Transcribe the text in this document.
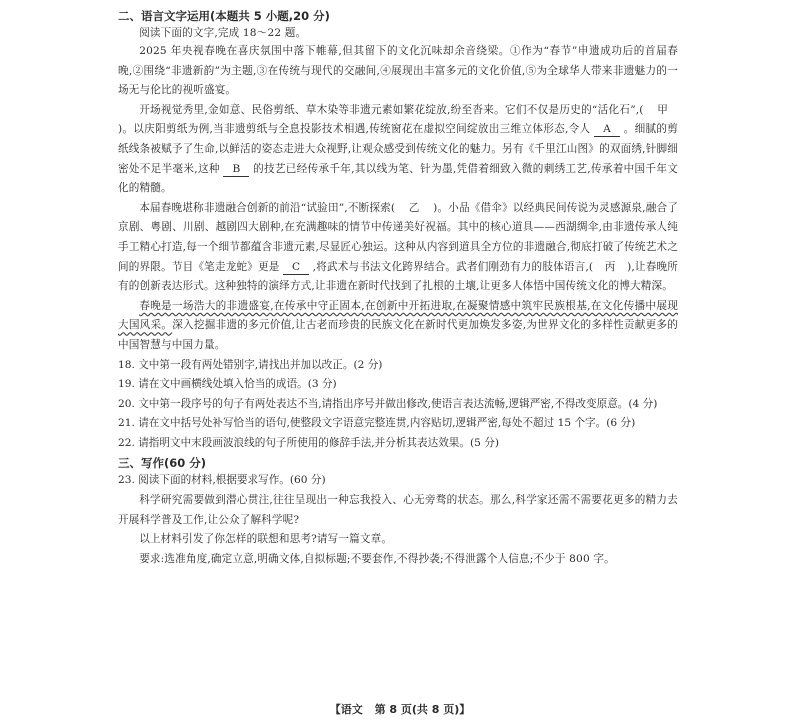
二、语言文字运用(本题共 5 小题,20 分)

阅读下面的文字,完成 18～22 题。

2025 年央视春晚在喜庆氛围中落下帷幕,但其留下的文化沉味却余音绕梁。①作为“春节”申遗成功后的首届春晚,②围绕“非遗新韵”为主题,③在传统与现代的交融间,④展现出丰富多元的文化价值,⑤为全球华人带来非遗魅力的一场无与伦比的视听盛宴。

开场视觉秀里,金如意、民俗剪纸、草木染等非遗元素如繁花绽放,纷至沓来。它们不仅是历史的“活化石”,( 甲 )。以庆阳剪纸为例,当非遗剪纸与全息投影技术相遇,传统窗花在虚拟空间绽放出三维立体形态,令人 A 。细腻的剪纸线条被赋予了生命,以鲜活的姿态走进大众视野,让观众感受到传统文化的魅力。另有《千里江山图》的双面绣,针脚细密处不足半毫米,这种 B 的技艺已经传承千年,其以线为笔、针为墨,凭借着细致入微的刺绣工艺,传承着中国千年文化的精髓。

本届春晚堪称非遗融合创新的前沿“试验田”,不断探索( 乙 )。小品《借伞》以经典民间传说为灵感源泉,融合了京剧、粤剧、川剧、越剧四大剧种,在充满趣味的情节中传递美好祝福。其中的核心道具——西湖绸伞,由非遗传承人纯手工精心打造,每一个细节都蕴含非遗元素,尽显匠心独运。这种从内容到道具全方位的非遗融合,彻底打破了传统艺术之间的界限。节目《笔走龙蛇》更是 C ,将武术与书法文化跨界结合。武者们刚劲有力的肢体语言,( 丙 ),让春晚所有的创新表达形式。这种独特的演绎方式,让非遗在新时代找到了扎根的土壤,让更多人体悟中国传统文化的博大精深。

春晚是一场浩大的非遗盛宴,在传承中守正固本,在创新中开拓进取,在凝聚情感中筑牢民族根基,在文化传播中展现大国风采。深入挖掘非遗的多元价值,让古老而珍贵的民族文化在新时代更加焕发多姿,为世界文化的多样性贡献更多的中国智慧与中国力量。

18. 文中第一段有两处错别字,请找出并加以改正。(2 分)

19. 请在文中画横线处填入恰当的成语。(3 分)

20. 文中第一段序号的句子有两处表达不当,请指出序号并做出修改,使语言表达流畅,逻辑严密,不得改变原意。(4 分)

21. 请在文中括号处补写恰当的语句,使整段文字语意完整连贯,内容贴切,逻辑严密,每处不超过 15 个字。(6 分)

22. 请指明文中末段画波浪线的句子所使用的修辞手法,并分析其表达效果。(5 分)

三、写作(60 分)

23. 阅读下面的材料,根据要求写作。(60 分)

科学研究需要做到潜心贯注,往往呈现出一种忘我投入、心无旁骛的状态。那么,科学家还需不需要花更多的精力去开展科学普及工作,让公众了解科学呢?

以上材料引发了你怎样的联想和思考?请写一篇文章。

要求:选准角度,确定立意,明确文体,自拟标题;不要套作,不得抄袭;不得泄露个人信息;不少于 800 字。

【语文 第 8 页(共 8 页)】
